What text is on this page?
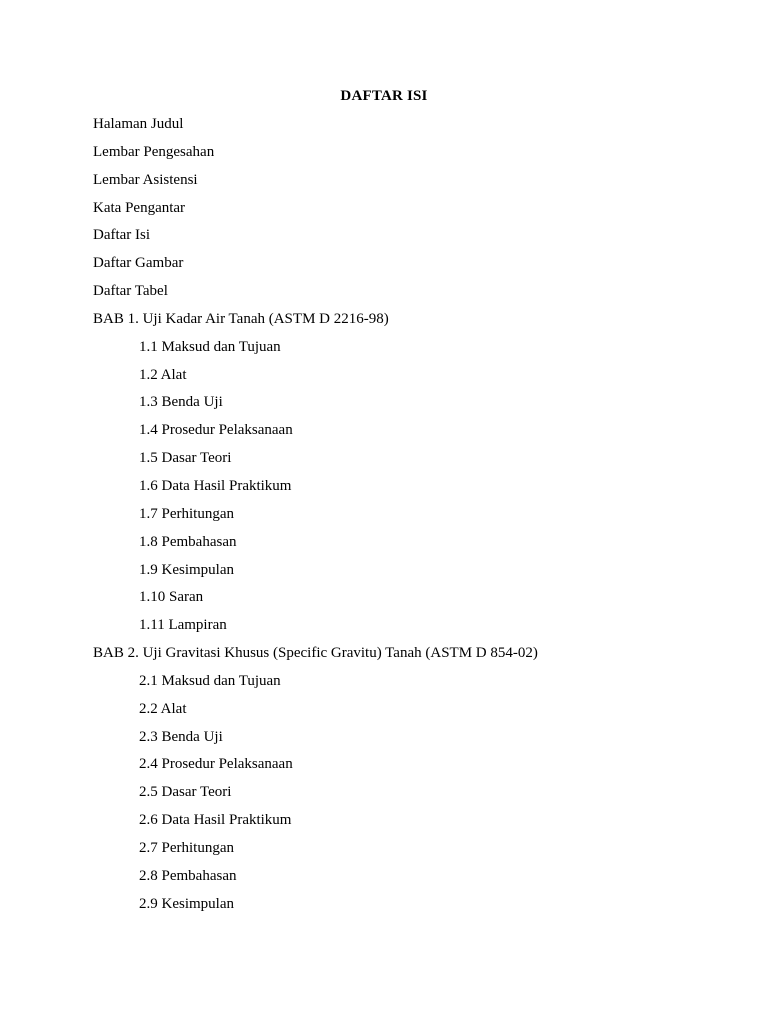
DAFTAR ISI
Halaman Judul
Lembar Pengesahan
Lembar Asistensi
Kata Pengantar
Daftar Isi
Daftar Gambar
Daftar Tabel
BAB 1. Uji Kadar Air Tanah (ASTM D 2216-98)
1.1 Maksud dan Tujuan
1.2 Alat
1.3 Benda Uji
1.4 Prosedur Pelaksanaan
1.5 Dasar Teori
1.6 Data Hasil Praktikum
1.7 Perhitungan
1.8 Pembahasan
1.9 Kesimpulan
1.10 Saran
1.11 Lampiran
BAB 2. Uji Gravitasi Khusus (Specific Gravitu) Tanah (ASTM D 854-02)
2.1 Maksud dan Tujuan
2.2 Alat
2.3 Benda Uji
2.4 Prosedur Pelaksanaan
2.5 Dasar Teori
2.6 Data Hasil Praktikum
2.7 Perhitungan
2.8 Pembahasan
2.9 Kesimpulan
